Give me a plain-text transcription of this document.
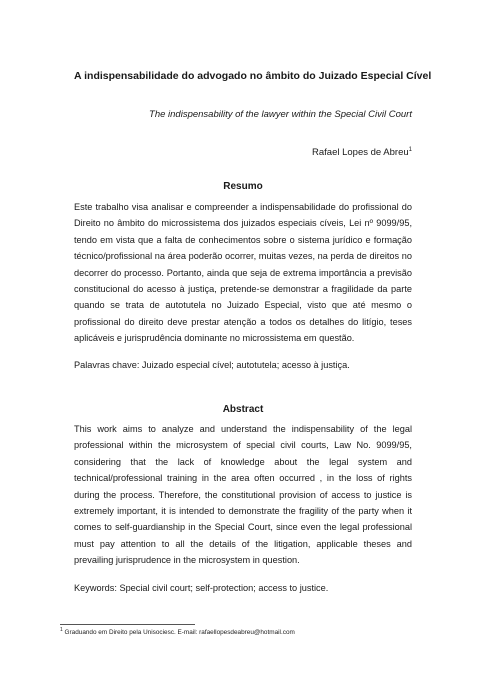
A indispensabilidade do advogado no âmbito do Juizado Especial Cível
The indispensability of the lawyer within the Special Civil Court
Rafael Lopes de Abreu$^1$
Resumo
Este trabalho visa analisar e compreender a indispensabilidade do profissional do Direito no âmbito do microssistema dos juizados especiais cíveis, Lei nº 9099/95, tendo em vista que a falta de conhecimentos sobre o sistema jurídico e formação técnico/profissional na área poderão ocorrer, muitas vezes, na perda de direitos no decorrer do processo. Portanto, ainda que seja de extrema importância a previsão constitucional do acesso à justiça, pretende-se demonstrar a fragilidade da parte quando se trata de autotutela no Juizado Especial, visto que até mesmo o profissional do direito deve prestar atenção a todos os detalhes do litígio, teses aplicáveis e jurisprudência dominante no microssistema em questão.
Palavras chave: Juizado especial cível; autotutela; acesso à justiça.
Abstract
This work aims to analyze and understand the indispensability of the legal professional within the microsystem of special civil courts, Law No. 9099/95, considering that the lack of knowledge about the legal system and technical/professional training in the area often occurred , in the loss of rights during the process. Therefore, the constitutional provision of access to justice is extremely important, it is intended to demonstrate the fragility of the party when it comes to self-guardianship in the Special Court, since even the legal professional must pay attention to all the details of the litigation, applicable theses and prevailing jurisprudence in the microsystem in question.
Keywords: Special civil court; self-protection; access to justice.
$^1$ Graduando em Direito pela Unisociesc. E-mail: rafaellopesdeabreu@hotmail.com
